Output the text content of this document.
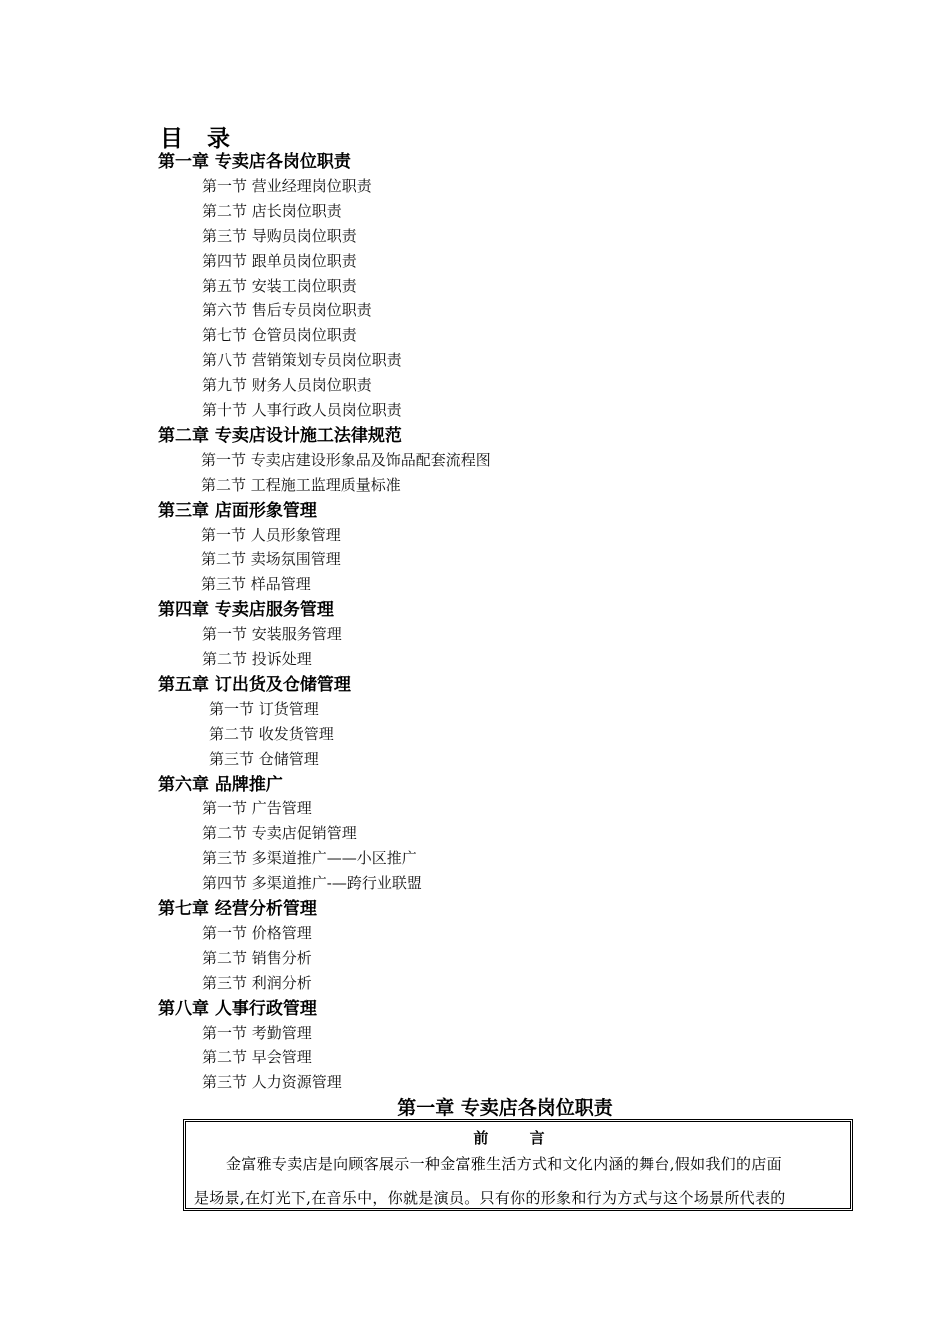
目 录
第一章 专卖店各岗位职责
第一节 营业经理岗位职责
第二节 店长岗位职责
第三节 导购员岗位职责
第四节 跟单员岗位职责
第五节 安装工岗位职责
第六节 售后专员岗位职责
第七节 仓管员岗位职责
第八节 营销策划专员岗位职责
第九节 财务人员岗位职责
第十节 人事行政人员岗位职责
第二章 专卖店设计施工法律规范
第一节 专卖店建设形象品及饰品配套流程图
第二节 工程施工监理质量标准
第三章 店面形象管理
第一节 人员形象管理
第二节 卖场氛围管理
第三节 样品管理
第四章 专卖店服务管理
第一节 安装服务管理
第二节 投诉处理
第五章 订出货及仓储管理
第一节 订货管理
第二节 收发货管理
第三节 仓储管理
第六章 品牌推广
第一节 广告管理
第二节 专卖店促销管理
第三节 多渠道推广——小区推广
第四节 多渠道推广-—跨行业联盟
第七章 经营分析管理
第一节 价格管理
第二节 销售分析
第三节 利润分析
第八章 人事行政管理
第一节 考勤管理
第二节 早会管理
第三节 人力资源管理
第一章 专卖店各岗位职责
前 言
金富雅专卖店是向顾客展示一种金富雅生活方式和文化内涵的舞台,假如我们的店面
是场景,在灯光下,在音乐中，你就是演员。只有你的形象和行为方式与这个场景所代表的
